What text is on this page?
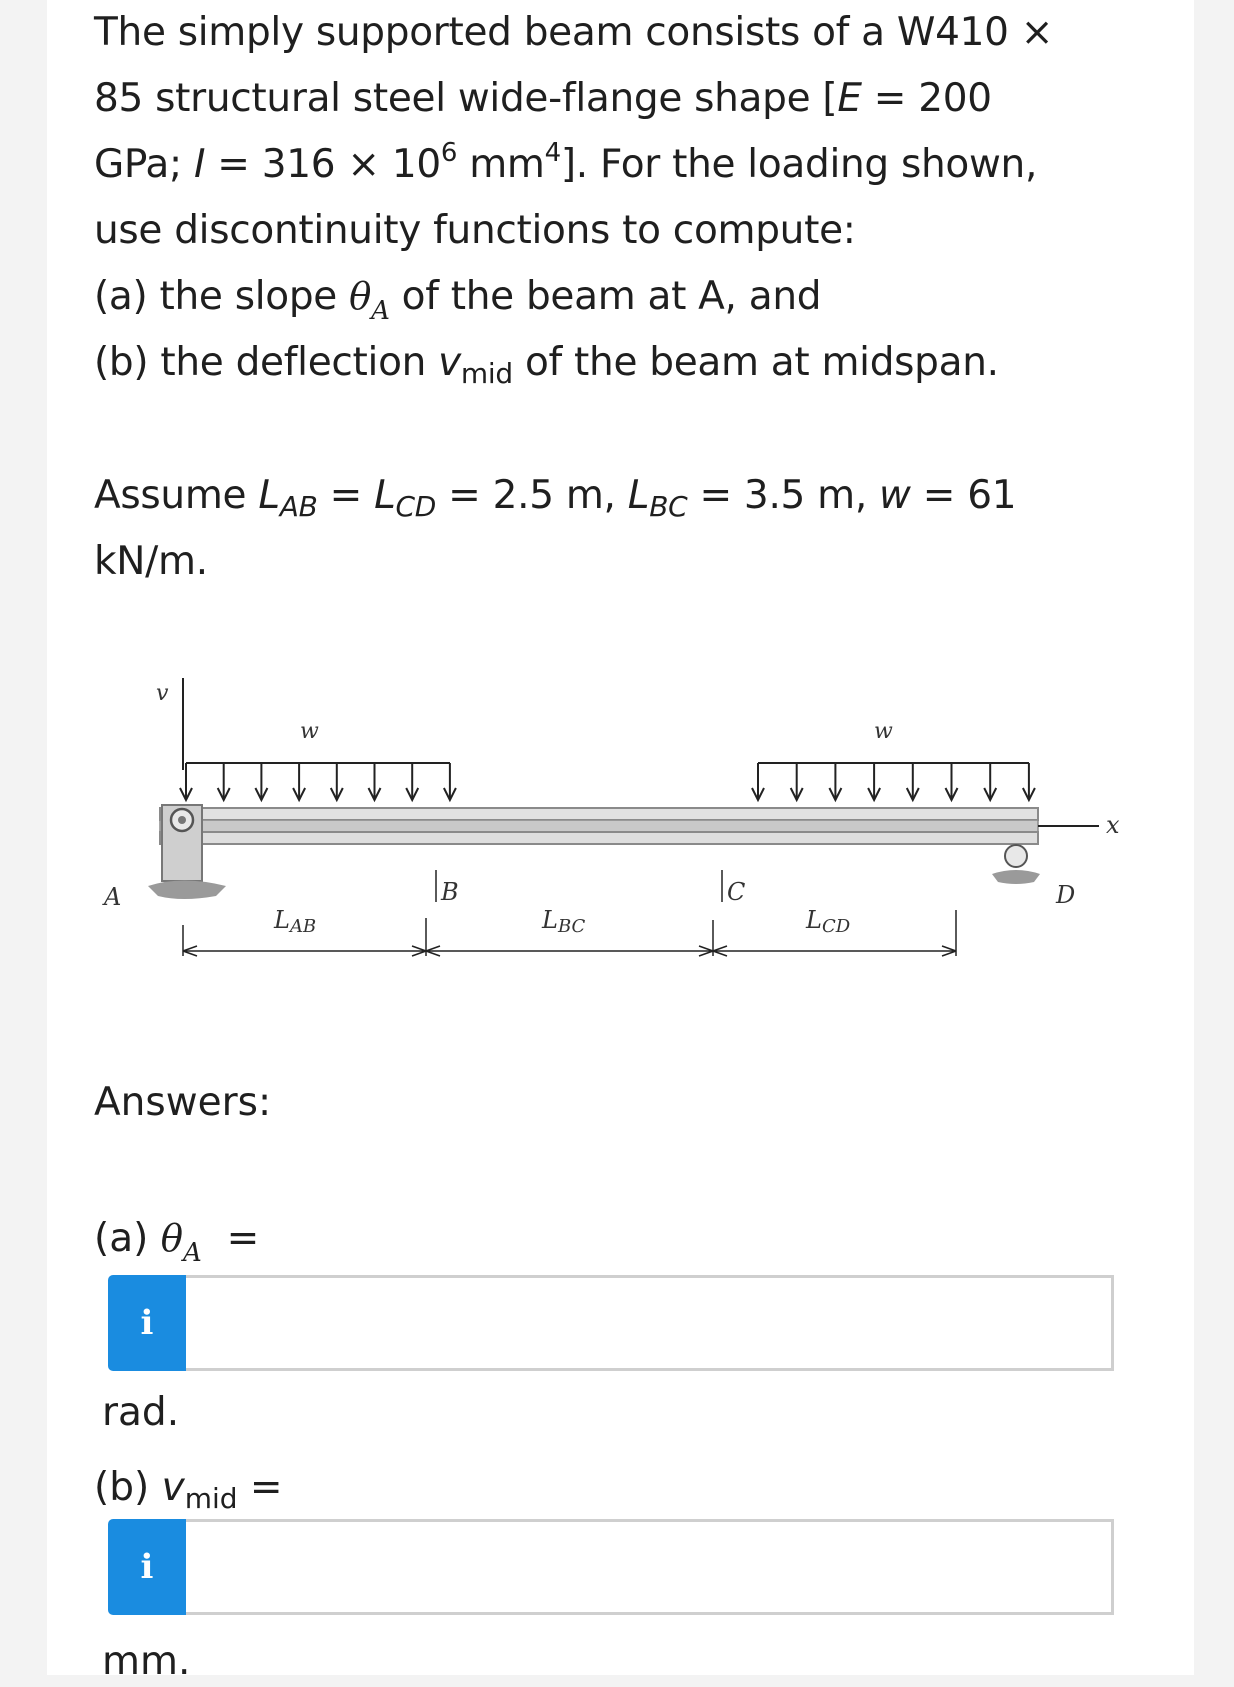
The simply supported beam consists of a W410 ×
85 structural steel wide-flange shape [E = 200
GPa; $I = 316 \times 10^6$ $mm^4$]. For the loading shown,
use discontinuity functions to compute:
(a) the slope $\theta_A$ of the beam at A, and
(b) the deflection $v_{mid}$ of the beam at midspan.
Assume $L_{AB} = L_{CD} = 2.5$ m, $L_{BC} = 3.5$ m, w = 61
kN/m.
v
w	w
x
A	D
B	C
LAB	LBC	LCD
Answers:
(a) $\theta_A$ =
i
rad.
(b) $v_{mid}$ =
i
mm.
